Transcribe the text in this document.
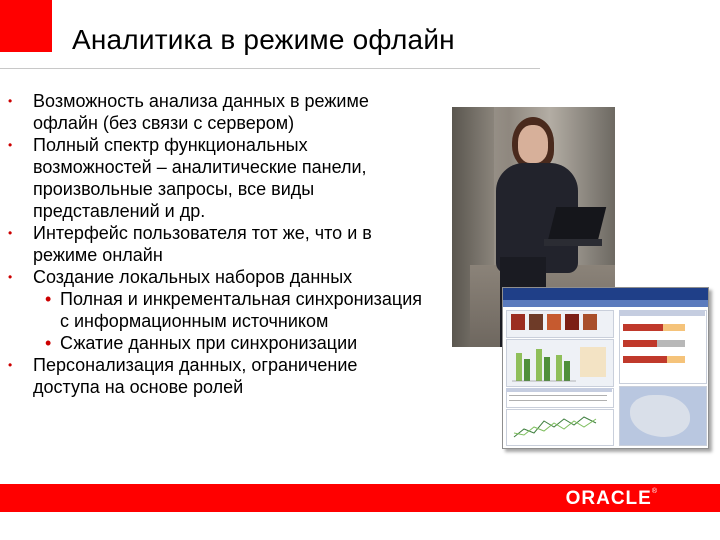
Аналитика в режиме офлайн

• Возможность анализа данных в режиме офлайн (без связи с сервером)

• Полный спектр функциональных возможностей – аналитические панели, произвольные запросы, все виды представлений и др.

• Интерфейс пользователя тот же, что и в режиме онлайн

• Создание локальных наборов данных

• Полная и инкрементальная синхронизация с информационным источником

• Сжатие данных при синхронизации

• Персонализация данных, ограничение доступа на основе ролей

ORACLE®
